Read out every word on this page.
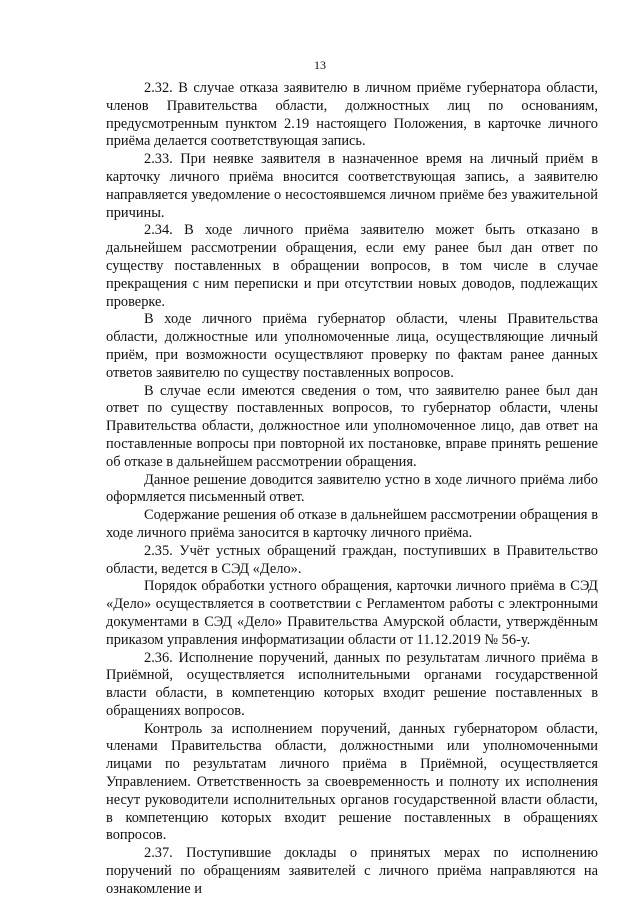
13

2.32. В случае отказа заявителю в личном приёме губернатора области, членов Правительства области, должностных лиц по основаниям, предусмотренным пунктом 2.19 настоящего Положения, в карточке личного приёма делается соответствующая запись.

2.33. При неявке заявителя в назначенное время на личный приём в карточку личного приёма вносится соответствующая запись, а заявителю направляется уведомление о несостоявшемся личном приёме без уважительной причины.

2.34. В ходе личного приёма заявителю может быть отказано в дальнейшем рассмотрении обращения, если ему ранее был дан ответ по существу поставленных в обращении вопросов, в том числе в случае прекращения с ним переписки и при отсутствии новых доводов, подлежащих проверке.

В ходе личного приёма губернатор области, члены Правительства области, должностные или уполномоченные лица, осуществляющие личный приём, при возможности осуществляют проверку по фактам ранее данных ответов заявителю по существу поставленных вопросов.

В случае если имеются сведения о том, что заявителю ранее был дан ответ по существу поставленных вопросов, то губернатор области, члены Правительства области, должностное или уполномоченное лицо, дав ответ на поставленные вопросы при повторной их постановке, вправе принять решение об отказе в дальнейшем рассмотрении обращения.

Данное решение доводится заявителю устно в ходе личного приёма либо оформляется письменный ответ.

Содержание решения об отказе в дальнейшем рассмотрении обращения в ходе личного приёма заносится в карточку личного приёма.

2.35. Учёт устных обращений граждан, поступивших в Правительство области, ведется в СЭД «Дело».

Порядок обработки устного обращения, карточки личного приёма в СЭД «Дело» осуществляется в соответствии с Регламентом работы с электронными документами в СЭД «Дело» Правительства Амурской области, утверждённым приказом управления информатизации области от 11.12.2019 № 56-у.

2.36. Исполнение поручений, данных по результатам личного приёма в Приёмной, осуществляется исполнительными органами государственной власти области, в компетенцию которых входит решение поставленных в обращениях вопросов.

Контроль за исполнением поручений, данных губернатором области, членами Правительства области, должностными или уполномоченными лицами по результатам личного приёма в Приёмной, осуществляется Управлением. Ответственность за своевременность и полноту их исполнения несут руководители исполнительных органов государственной власти области, в компетенцию которых входит решение поставленных в обращениях вопросов.

2.37. Поступившие доклады о принятых мерах по исполнению поручений по обращениям заявителей с личного приёма направляются на ознакомление и
